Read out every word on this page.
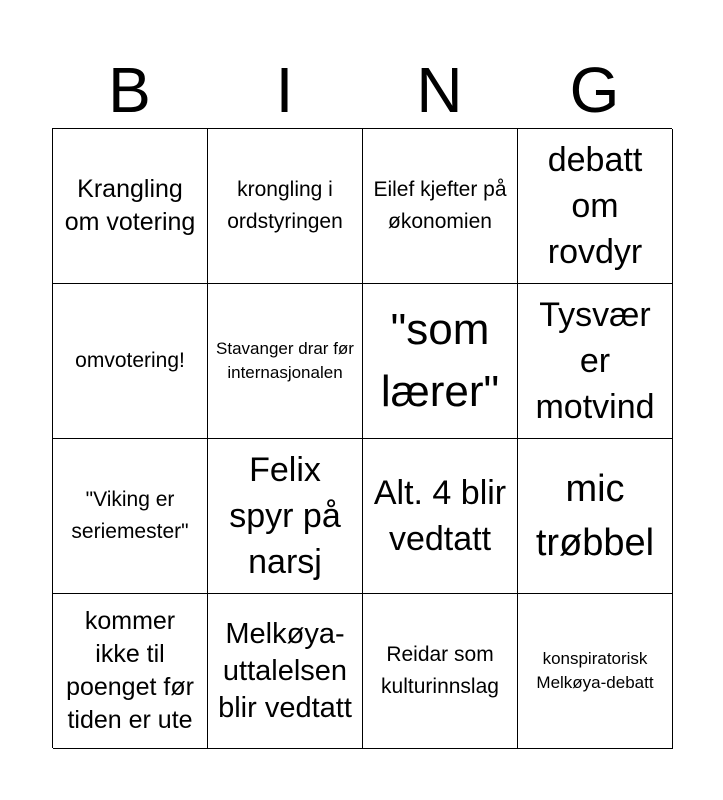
B	I	N	G
Krangling om votering
krongling i ordstyringen
Eilef kjefter på økonomien
debatt om rovdyr
omvotering!
Stavanger drar før internasjonalen
"som lærer"
Tysvær er motvind
"Viking er seriemester"
Felix spyr på narsj
Alt. 4 blir vedtatt
mic trøbbel
kommer ikke til poenget før tiden er ute
Melkøya-uttalelsen blir vedtatt
Reidar som kulturinnslag
konspiratorisk Melkøya-debatt
